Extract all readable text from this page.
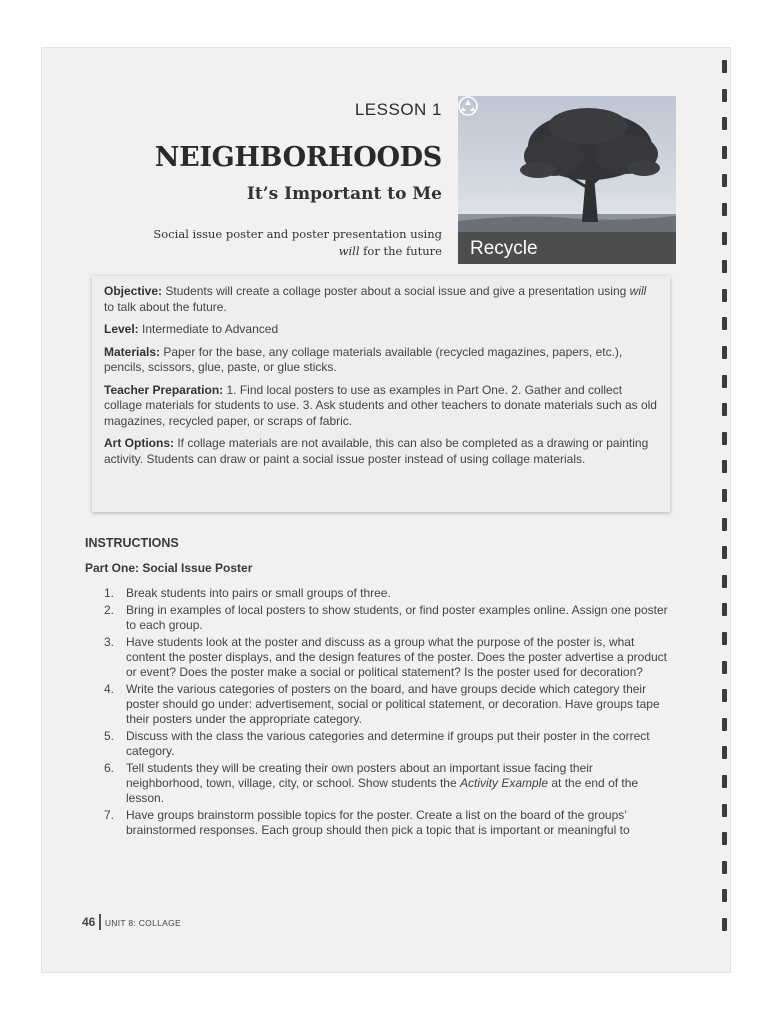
LESSON 1
NEIGHBORHOODS
It’s Important to Me
Social issue poster and poster presentation using
will for the future Recycle

Objective: Students will create a collage poster about a social issue and give a presentation using will to talk about the future.

Level: Intermediate to Advanced

Materials: Paper for the base, any collage materials available (recycled magazines, papers, etc.), pencils, scissors, glue, paste, or glue sticks.

Teacher Preparation: 1. Find local posters to use as examples in Part One. 2. Gather and collect collage materials for students to use. 3. Ask students and other teachers to donate materials such as old magazines, recycled paper, or scraps of fabric.

Art Options: If collage materials are not available, this can also be completed as a drawing or painting activity. Students can draw or paint a social issue poster instead of using collage materials.

INSTRUCTIONS
Part One: Social Issue Poster
1. Break students into pairs or small groups of three.
2. Bring in examples of local posters to show students, or find poster examples online. Assign one poster to each group.
3. Have students look at the poster and discuss as a group what the purpose of the poster is, what content the poster displays, and the design features of the poster. Does the poster advertise a product or event? Does the poster make a social or political statement? Is the poster used for decoration?
4. Write the various categories of posters on the board, and have groups decide which category their poster should go under: advertisement, social or political statement, or decoration. Have groups tape their posters under the appropriate category.
5. Discuss with the class the various categories and determine if groups put their poster in the correct category.
6. Tell students they will be creating their own posters about an important issue facing their neighborhood, town, village, city, or school. Show students the Activity Example at the end of the lesson.
7. Have groups brainstorm possible topics for the poster. Create a list on the board of the groups’ brainstormed responses. Each group should then pick a topic that is important or meaningful to
46 UNIT 8: COLLAGE
